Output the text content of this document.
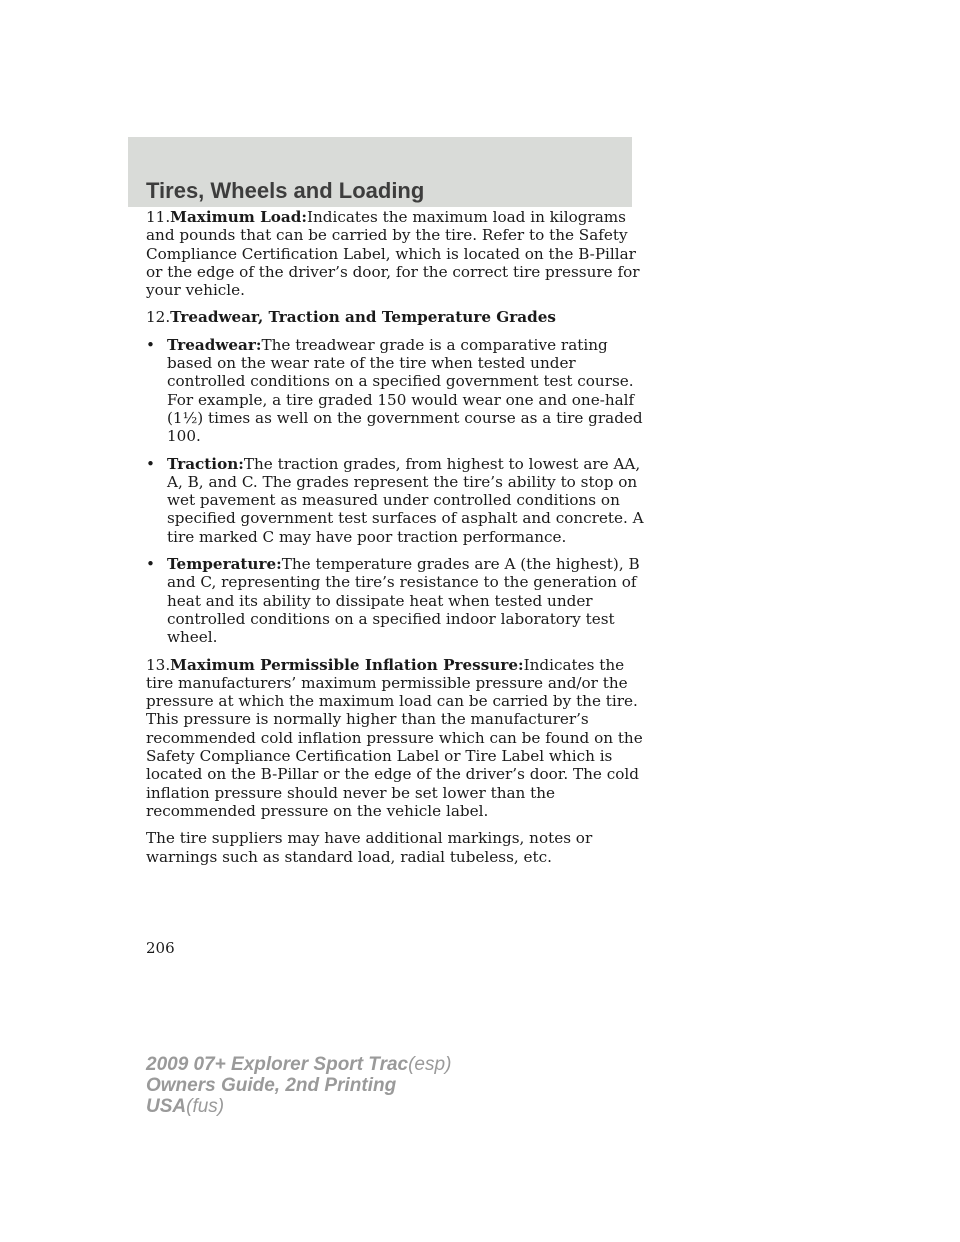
Tires, Wheels and Loading

11.Maximum Load:Indicates the maximum load in kilograms and pounds that can be carried by the tire. Refer to the Safety Compliance Certification Label, which is located on the B-Pillar or the edge of the driver’s door, for the correct tire pressure for your vehicle.

12.Treadwear, Traction and Temperature Grades

• Treadwear:The treadwear grade is a comparative rating based on the wear rate of the tire when tested under controlled conditions on a specified government test course. For example, a tire graded 150 would wear one and one-half (1½) times as well on the government course as a tire graded 100.
• Traction:The traction grades, from highest to lowest are AA, A, B, and C. The grades represent the tire’s ability to stop on wet pavement as measured under controlled conditions on specified government test surfaces of asphalt and concrete. A tire marked C may have poor traction performance.
• Temperature:The temperature grades are A (the highest), B and C, representing the tire’s resistance to the generation of heat and its ability to dissipate heat when tested under controlled conditions on a specified indoor laboratory test wheel.

13.Maximum Permissible Inflation Pressure:Indicates the tire manufacturers’ maximum permissible pressure and/or the pressure at which the maximum load can be carried by the tire. This pressure is normally higher than the manufacturer’s recommended cold inflation pressure which can be found on the Safety Compliance Certification Label or Tire Label which is located on the B-Pillar or the edge of the driver’s door. The cold inflation pressure should never be set lower than the recommended pressure on the vehicle label.

The tire suppliers may have additional markings, notes or warnings such as standard load, radial tubeless, etc.

206
2009 07+ Explorer Sport Trac(esp)
Owners Guide, 2nd Printing
USA(fus)
